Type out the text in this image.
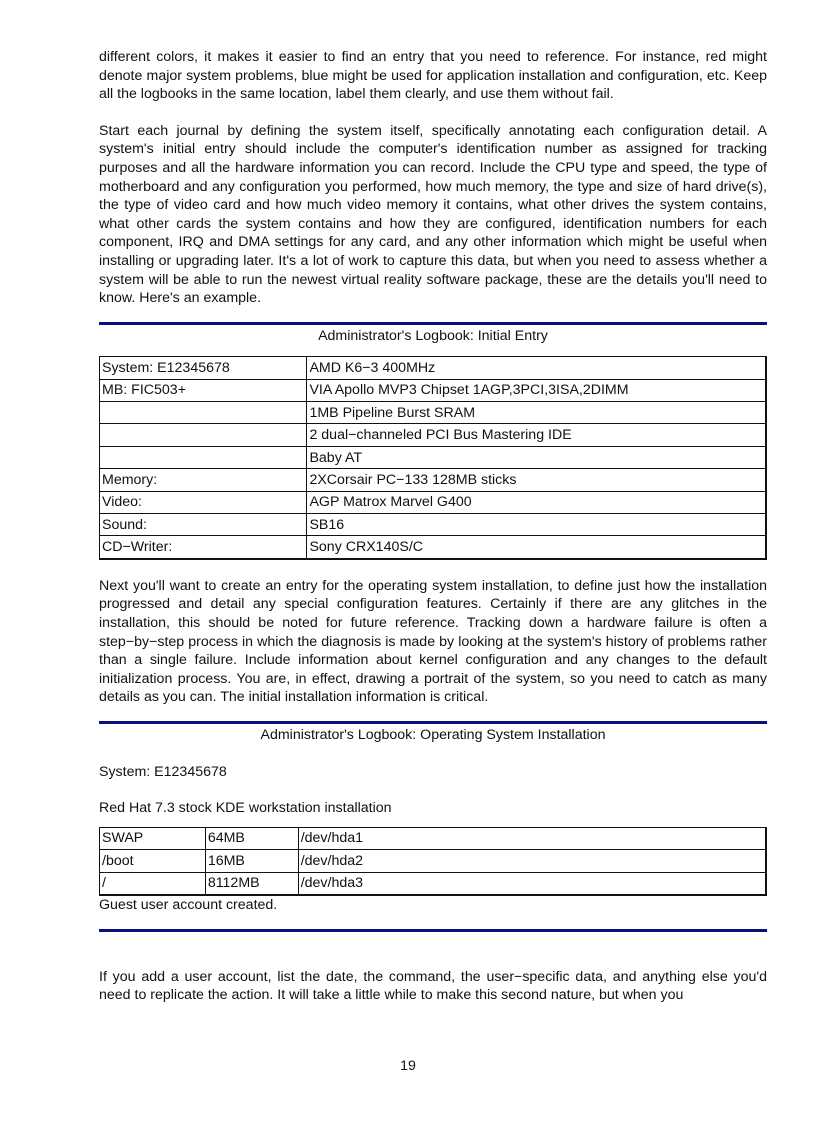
different colors, it makes it easier to find an entry that you need to reference. For instance, red might denote major system problems, blue might be used for application installation and configuration, etc. Keep all the logbooks in the same location, label them clearly, and use them without fail.

Start each journal by defining the system itself, specifically annotating each configuration detail. A system's initial entry should include the computer's identification number as assigned for tracking purposes and all the hardware information you can record. Include the CPU type and speed, the type of motherboard and any configuration you performed, how much memory, the type and size of hard drive(s), the type of video card and how much video memory it contains, what other drives the system contains, what other cards the system contains and how they are configured, identification numbers for each component, IRQ and DMA settings for any card, and any other information which might be useful when installing or upgrading later. It's a lot of work to capture this data, but when you need to assess whether a system will be able to run the newest virtual reality software package, these are the details you'll need to know. Here's an example.

Administrator's Logbook: Initial Entry
System: E12345678	AMD K6−3 400MHz
MB: FIC503+	VIA Apollo MVP3 Chipset 1AGP,3PCI,3ISA,2DIMM
	1MB Pipeline Burst SRAM
	2 dual−channeled PCI Bus Mastering IDE
	Baby AT
Memory:	2XCorsair PC−133 128MB sticks
Video:	AGP Matrox Marvel G400
Sound:	SB16
CD−Writer:	Sony CRX140S/C

Next you'll want to create an entry for the operating system installation, to define just how the installation progressed and detail any special configuration features. Certainly if there are any glitches in the installation, this should be noted for future reference. Tracking down a hardware failure is often a step−by−step process in which the diagnosis is made by looking at the system's history of problems rather than a single failure. Include information about kernel configuration and any changes to the default initialization process. You are, in effect, drawing a portrait of the system, so you need to catch as many details as you can. The initial installation information is critical.

Administrator's Logbook: Operating System Installation
System: E12345678
Red Hat 7.3 stock KDE workstation installation
SWAP	64MB	/dev/hda1
/boot	16MB	/dev/hda2
/	8112MB	/dev/hda3
Guest user account created.

If you add a user account, list the date, the command, the user−specific data, and anything else you'd need to replicate the action. It will take a little while to make this second nature, but when you

19
